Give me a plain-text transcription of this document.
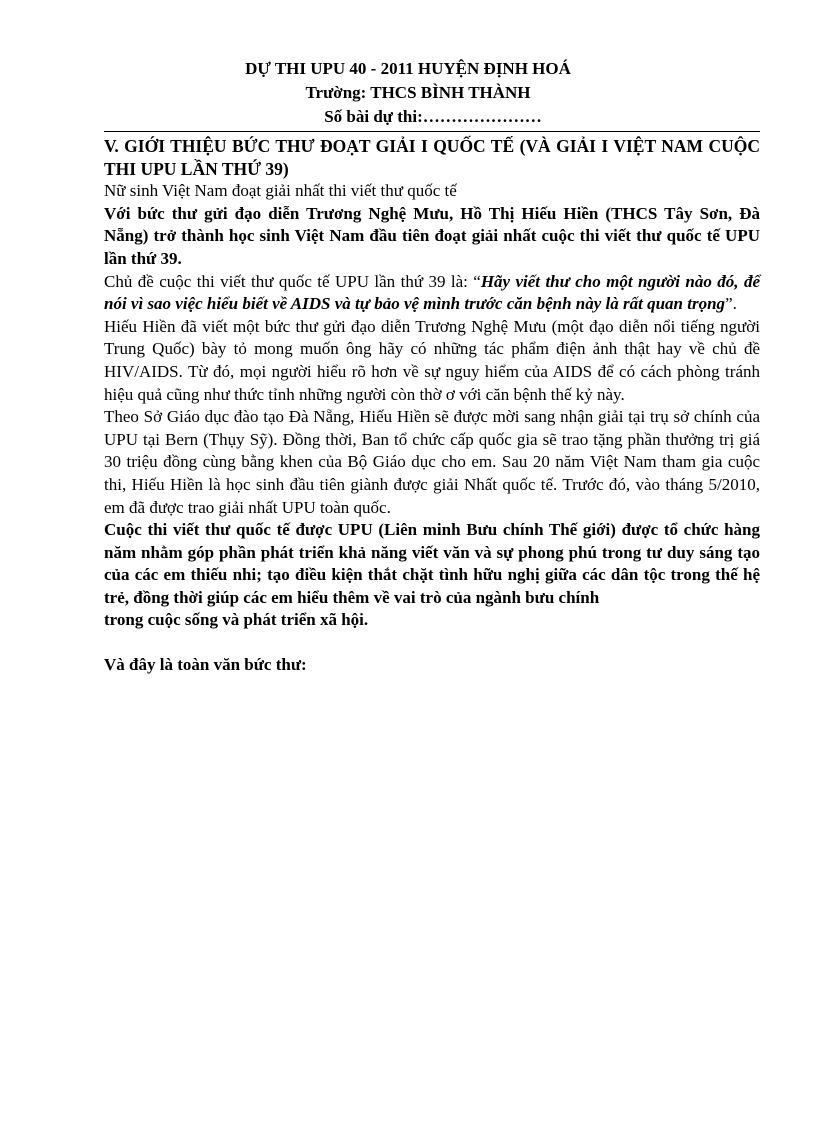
DỰ THI UPU 40 - 2011 HUYỆN ĐỊNH HOÁ
Trường: THCS BÌNH THÀNH
Số bài dự thi:…………………

V. GIỚI THIỆU BỨC THƯ ĐOẠT GIẢI I QUỐC TẾ (VÀ GIẢI I VIỆT NAM CUỘC THI UPU LẦN THỨ 39)

Nữ sinh Việt Nam đoạt giải nhất thi viết thư quốc tế

Với bức thư gửi đạo diễn Trương Nghệ Mưu, Hồ Thị Hiếu Hiền (THCS Tây Sơn, Đà Nẵng) trở thành học sinh Việt Nam đầu tiên đoạt giải nhất cuộc thi viết thư quốc tế UPU lần thứ 39.

Chủ đề cuộc thi viết thư quốc tế UPU lần thứ 39 là: “Hãy viết thư cho một người nào đó, để nói vì sao việc hiểu biết về AIDS và tự bảo vệ mình trước căn bệnh này là rất quan trọng”.

Hiếu Hiền đã viết một bức thư gửi đạo diễn Trương Nghệ Mưu (một đạo diễn nổi tiếng người Trung Quốc) bày tỏ mong muốn ông hãy có những tác phẩm điện ảnh thật hay về chủ đề HIV/AIDS. Từ đó, mọi người hiểu rõ hơn về sự nguy hiểm của AIDS để có cách phòng tránh hiệu quả cũng như thức tỉnh những người còn thờ ơ với căn bệnh thế kỷ này.

Theo Sở Giáo dục đào tạo Đà Nẵng, Hiếu Hiền sẽ được mời sang nhận giải tại trụ sở chính của UPU tại Bern (Thụy Sỹ). Đồng thời, Ban tổ chức cấp quốc gia sẽ trao tặng phần thưởng trị giá 30 triệu đồng cùng bằng khen của Bộ Giáo dục cho em. Sau 20 năm Việt Nam tham gia cuộc thi, Hiếu Hiền là học sinh đầu tiên giành được giải Nhất quốc tế. Trước đó, vào tháng 5/2010, em đã được trao giải nhất UPU toàn quốc.

Cuộc thi viết thư quốc tế được UPU (Liên minh Bưu chính Thế giới) được tổ chức hàng năm nhằm góp phần phát triển khả năng viết văn và sự phong phú trong tư duy sáng tạo của các em thiếu nhi; tạo điều kiện thắt chặt tình hữu nghị giữa các dân tộc trong thế hệ trẻ, đồng thời giúp các em hiểu thêm về vai trò của ngành bưu chính

trong cuộc sống và phát triển xã hội.

Và đây là toàn văn bức thư:
